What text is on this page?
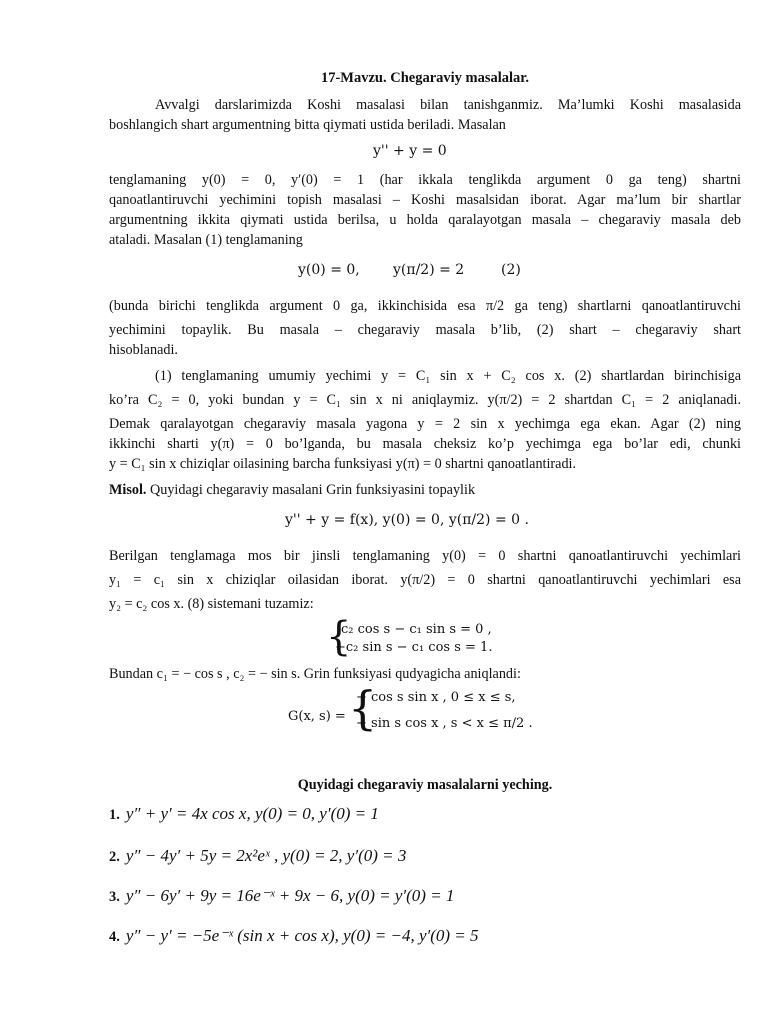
17-Mavzu. Chegaraviy masalalar.
Avvalgi darslarimizda Koshi masalasi bilan tanishganmiz. Ma’lumki Koshi masalasida
boshlangich shart argumentning bitta qiymati ustida beriladi. Masalan
y'' + y = 0
tenglamaning y(0) = 0, y′(0) = 1 (har ikkala tenglikda argument 0 ga teng) shartni
qanoatlantiruvchi yechimini topish masalasi – Koshi masalsidan iborat. Agar ma’lum bir shartlar
argumentning ikkita qiymati ustida berilsa, u holda qaralayotgan masala – chegaraviy masala deb
ataladi. Masalan (1) tenglamaning
y(0) = 0, y(π/2) = 2	(2)
(bunda birichi tenglikda argument 0 ga, ikkinchisida esa π/2 ga teng) shartlarni qanoatlantiruvchi
yechimini topaylik. Bu masala – chegaraviy masala b’lib, (2) shart – chegaraviy shart
hisoblanadi.
(1) tenglamaning umumiy yechimi y = C₁ sin x + C₂ cos x. (2) shartlardan birinchisiga
ko’ra C₂ = 0, yoki bundan y = C₁ sin x ni aniqlaymiz. y(π/2) = 2 shartdan C₁ = 2 aniqlanadi.
Demak qaralayotgan chegaraviy masala yagona y = 2 sin x yechimga ega ekan. Agar (2) ning
ikkinchi sharti y(π) = 0 bo’lganda, bu masala cheksiz ko’p yechimga ega bo’lar edi, chunki
y = C₁ sin x chiziqlar oilasining barcha funksiyasi y(π) = 0 shartni qanoatlantiradi.
Misol. Quyidagi chegaraviy masalani Grin funksiyasini topaylik
y'' + y = f(x), y(0) = 0, y(π/2) = 0 .
Berilgan tenglamaga mos bir jinsli tenglamaning y(0) = 0 shartni qanoatlantiruvchi yechimlari
y₁ = c₁ sin x chiziqlar oilasidan iborat. y(π/2) = 0 shartni qanoatlantiruvchi yechimlari esa
y₂ = c₂ cos x. (8) sistemani tuzamiz:
{
c₂ cos s − c₁ sin s = 0 ,
−c₂ sin s − c₁ cos s = 1.
Bundan c₁ = − cos s , c₂ = − sin s. Grin funksiyasi qudyagicha aniqlandi:
G(x, s) = {
− cos s sin x , 0 ≤ x ≤ s,
− sin s cos x , s < x ≤ π/2 .
Quyidagi chegaraviy masalalarni yeching.
1. y″ + y′ = 4x cos x, y(0) = 0, y′(0) = 1
2. y″ − 4y′ + 5y = 2x²eˣ , y(0) = 2, y′(0) = 3
3. y″ − 6y′ + 9y = 16e⁻ˣ + 9x − 6, y(0) = y′(0) = 1
4. y″ − y′ = −5e⁻ˣ (sin x + cos x), y(0) = −4, y′(0) = 5
